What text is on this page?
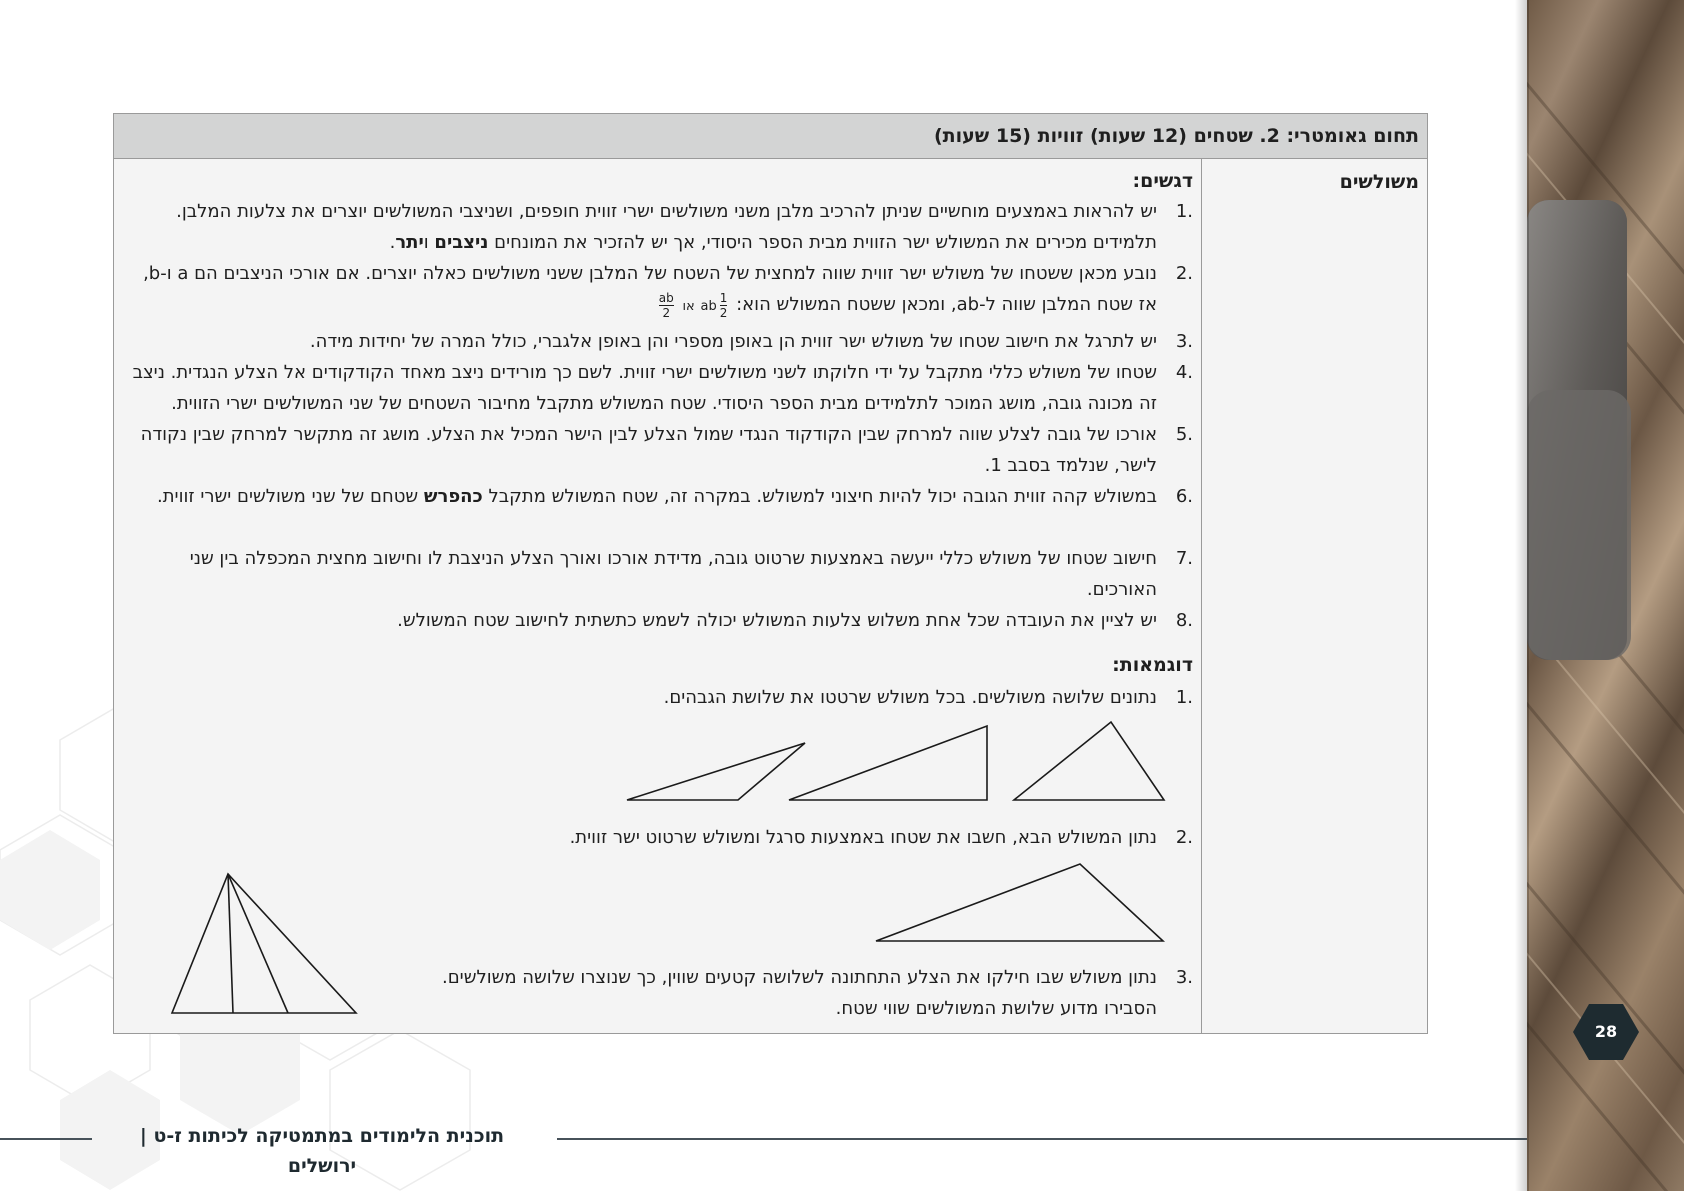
תחום גאומטרי: 2. שטחים (12 שעות) זוויות (15 שעות)
משולשים
דגשים:
1.
יש להראות באמצעים מוחשיים שניתן להרכיב מלבן משני משולשים ישרי זווית חופפים, ושניצבי המשולשים יוצרים את צלעות המלבן. תלמידים מכירים את המשולש ישר הזווית מבית הספר היסודי, אך יש להזכיר את המונחים ניצבים ויתר.
2.
נובע מכאן ששטחו של משולש ישר זווית שווה למחצית של השטח של המלבן ששני משולשים כאלה יוצרים. אם אורכי הניצבים הם a ו-b,
אז שטח המלבן שווה ל-ab, ומכאן ששטח המשולש הוא: $\frac{1}{2}$
ab או $\frac{ab}{2}$
3.
יש לתרגל את חישוב שטחו של משולש ישר זווית הן באופן מספרי והן באופן אלגברי, כולל המרה של יחידות מידה.
4.
שטחו של משולש כללי מתקבל על ידי חלוקתו לשני משולשים ישרי זווית. לשם כך מורידים ניצב מאחד הקודקודים אל הצלע הנגדית. ניצב זה מכונה גובה, מושג המוכר לתלמידים מבית הספר היסודי. שטח המשולש מתקבל מחיבור השטחים של שני המשולשים ישרי הזווית.
5.
אורכו של גובה לצלע שווה למרחק שבין הקודקוד הנגדי שמול הצלע לבין הישר המכיל את הצלע. מושג זה מתקשר למרחק שבין נקודה לישר, שנלמד בסבב 1.
6.
במשולש קהה זווית הגובה יכול להיות חיצוני למשולש. במקרה זה, שטח המשולש מתקבל כהפרש שטחם של שני משולשים ישרי זווית.
7.
חישוב שטחו של משולש כללי ייעשה באמצעות שרטוט גובה, מדידת אורכו ואורך הצלע הניצבת לו וחישוב מחצית המכפלה בין שני האורכים.
8.
יש לציין את העובדה שכל אחת משלוש צלעות המשולש יכולה לשמש כתשתית לחישוב שטח המשולש.
דוגמאות:
1.
נתונים שלושה משולשים. בכל משולש שרטטו את שלושת הגבהים.
2.
נתון המשולש הבא, חשבו את שטחו באמצעות סרגל ומשולש שרטוט ישר זווית.
3.
נתון משולש שבו חילקו את הצלע התחתונה לשלושה קטעים שווין, כך שנוצרו שלושה משולשים. הסבירו מדוע שלושת המשולשים שווי שטח.
28
תוכנית הלימודים במתמטיקה לכיתות ז-ט | ירושלים
